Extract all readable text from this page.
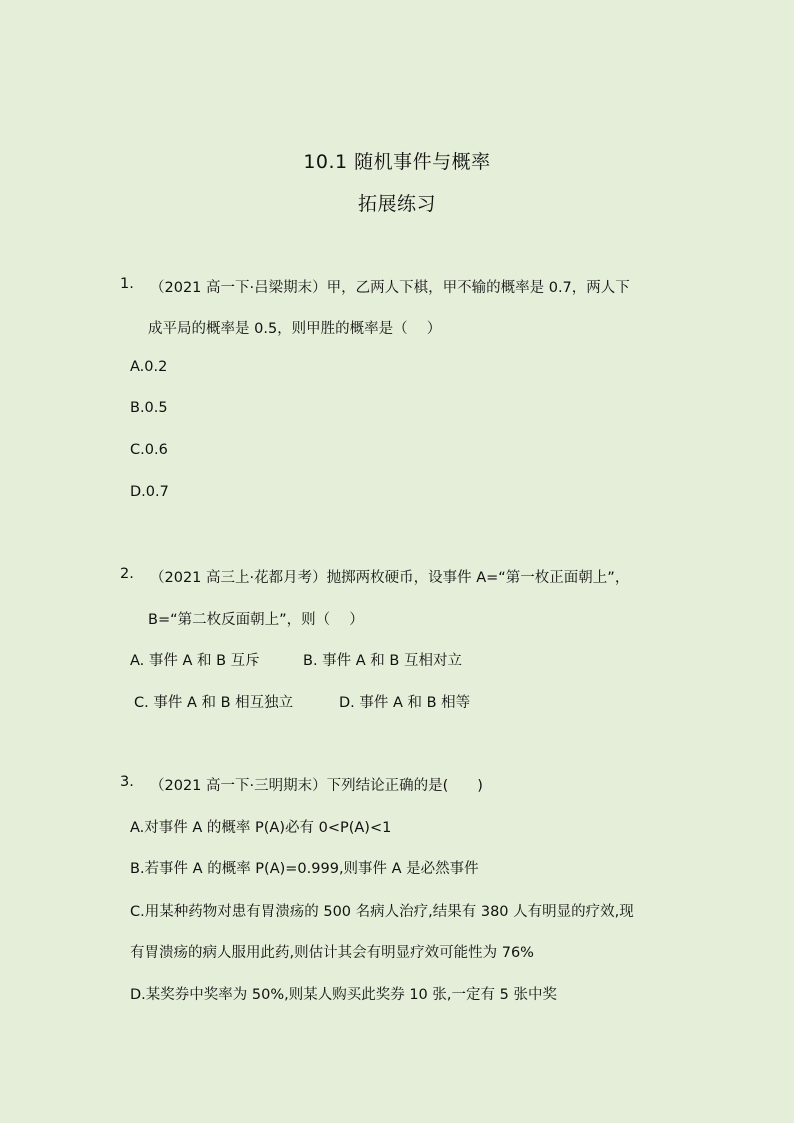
10.1 随机事件与概率
拓展练习
1. （2021 高一下·吕梁期末）甲，乙两人下棋，甲不输的概率是 0.7，两人下
成平局的概率是 0.5，则甲胜的概率是（　 ）
A.0.2
B.0.5
C.0.6
D.0.7
2. （2021 高三上·花都月考）抛掷两枚硬币，设事件 A=“第一枚正面朝上”，
B=“第二枚反面朝上”，则（　 ）
A. 事件 A 和 B 互斥	B. 事件 A 和 B 互相对立
C. 事件 A 和 B 相互独立	D. 事件 A 和 B 相等
3. （2021 高一下·三明期末）下列结论正确的是(　　)
A.对事件 A 的概率 P(A)必有 0<P(A)<1
B.若事件 A 的概率 P(A)=0.999,则事件 A 是必然事件
C.用某种药物对患有胃溃疡的 500 名病人治疗,结果有 380 人有明显的疗效,现
有胃溃疡的病人服用此药,则估计其会有明显疗效可能性为 76%
D.某奖券中奖率为 50%,则某人购买此奖券 10 张,一定有 5 张中奖
